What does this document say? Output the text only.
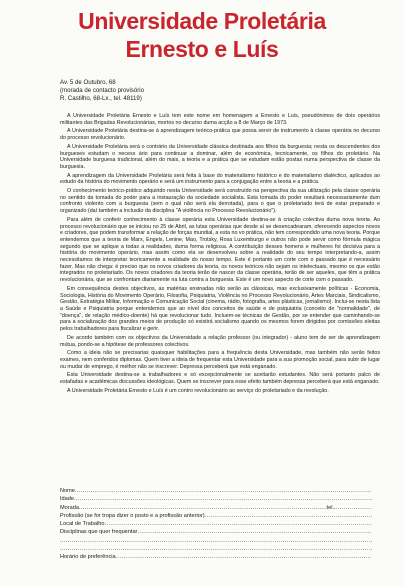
Universidade Proletária
Ernesto e Luís
Av. 5 de Outubro, 68
(morada de contacto provisório
R. Castilho, 68-Lx., tel. 48119)

A Universidade Proletária Ernesto e Luís tem este nome em homenagem a Ernesto e Luís, pseudónimos de dois operários militantes das Brigadas Revolucionárias, mortos no decurso duma acção a 8 de Março de 1973.

A Universidade Proletária destina-se à aprendizagem teórico-prática que possa servir de instrumento à classe operária no decurso do processo revolucionário.

A Universidade Proletária será o contrário da Universidade clássica destinada aos filhos da burguesia; nesta os descendentes dos burgueses estudam o necess ário para continuar a dominar, além de económica, tecnicamente, os filhos do proletário. Na Universidade burguesa tradicional, além do mais, a teoria e a prática que se estudam estão postas numa perspectiva de classe da burguesia.

A aprendizagem da Universidade Proletária será feita à base do materialismo histórico e do materialismo dialéctico, aplicados ao estudo da história do movimento operário e será um instrumento para a conjugação entre a teoria e a prática.

O conhecimento teórico-prático adquirido nesta Universidade será construído na perspectiva da sua utilização pela classe operária no sentido da tomada do poder para a instauração da sociedade socialista. Esta tomada do poder resultará necessariamente dum confronto violento com a burguesia (sem o qual não será ela derrotada), para o que o proletariado terá de estar preparado e organizado (daí também a inclusão da disciplina "A violência no Processo Revolucionário").

Para além de conferir conhecimento à classe operária esta Universidade destina-se à criação colectiva duma nova teoria. Ao processo revolucionário que se iniciou no 25 de Abril, as lutas operárias que desde aí se desencadearam, oferecendo aspectos novos e criadores, que podem transformar a relação de forças mundial, a esta no vo prática, não tem correspondido uma nova teoria. Porque entendemos que a teoria de Marx, Engels, Lenine, Mao, Trotsky, Rosa Luxemburgo e outros não pode servir como fórmula mágica segundo que se aplique a todas a realidades, duma forma religiosa. A contribuição desses homens e mulheres foi decisiva para a história do movimento operário, mas assim como ela se desenvolveu sobre a realidade do seu tempo interpretando-a, assim necessitamos de interpretar teoricamente a realidade do nosso tempo. Este é portanto um corte com o passado que é necessário fazer. Mas não chega: é preciso que os novos criadores da teoria, os novos teóricos não sejam os intelectuais, mesmo os que estão integrados no proletariado. Os novos criadores da teoria terão de nascer da classe operária, terão de ser aqueles, que têm a prática revolucionária, que se confrontam diariamente na luta contra a burguesia. Este é um novo aspecto de corte com o passado.

Em consequência destes objectivos, as matérias ensinadas não serão as clássicas, mas exclusivamente políticas - Economia, Sociologia, História do Movimento Operário, Filosofia, Psiquiatria, Violência no Processo Revolucionário, Artes Marciais, Sindicalismo, Gestão, Estratégia Militar, Informação e Comunicação Social (cinema, rádio, fotografia, artes plásticas, jornalismo). Inclui-se nesta lista a Saúde e Psiquiatria porque entendemos que ao nível dos conceitos de saúde e de psiquiatria (conceito de "normalidade", de "doença", de relação médico-doente) há que revolucionar tudo. Incluem-se técnicas de Gestão, por se entender que caminhando-se para a socialização dos grandes meios de produção só existirá socialismo quando os mesmos forem dirigidos por comissões eleitas pelos trabalhadores para fiscalizar e gerir.

De acordo também com os objectivos da Universidade a relação professor (ou integrador) - aluno tem de ser de aprendizagem mútua, pondo-se a hipótese de professores colectivos.

Como a ideia não se precisarias quaisquer habilitações para a frequência desta Universidade, mas também não serão feitos exames, nem conferidos diplomas. Quem tiver a ideia de frequentar esta Universidade para a sua promoção social, para subir de lugar ou mudar de emprego, é melhor não se inscrever. Depressa perceberá que está enganado.

Esta Universidade destina-se a trabalhadores e só excepcionalmente se aceitarão estudantes. Não será portanto palco de estafadas e académicas discussões ideológicas. Quem se inscrever para esse efeito também depressa perceberá que está enganado.

A Universidade Proletária Ernesto e Luís é um contro revolucionário ao serviço do proletariado e da revolução.

Nome
.....
Idade
.....
Morada
.....	tel.
.....
Profissão (se for tropa dizer o posto e a profissão anterior)
.....
Local de Trabalho
.....
Disciplinas que quer frequentar
.....
.....
.....
Horário de preferência
.....
